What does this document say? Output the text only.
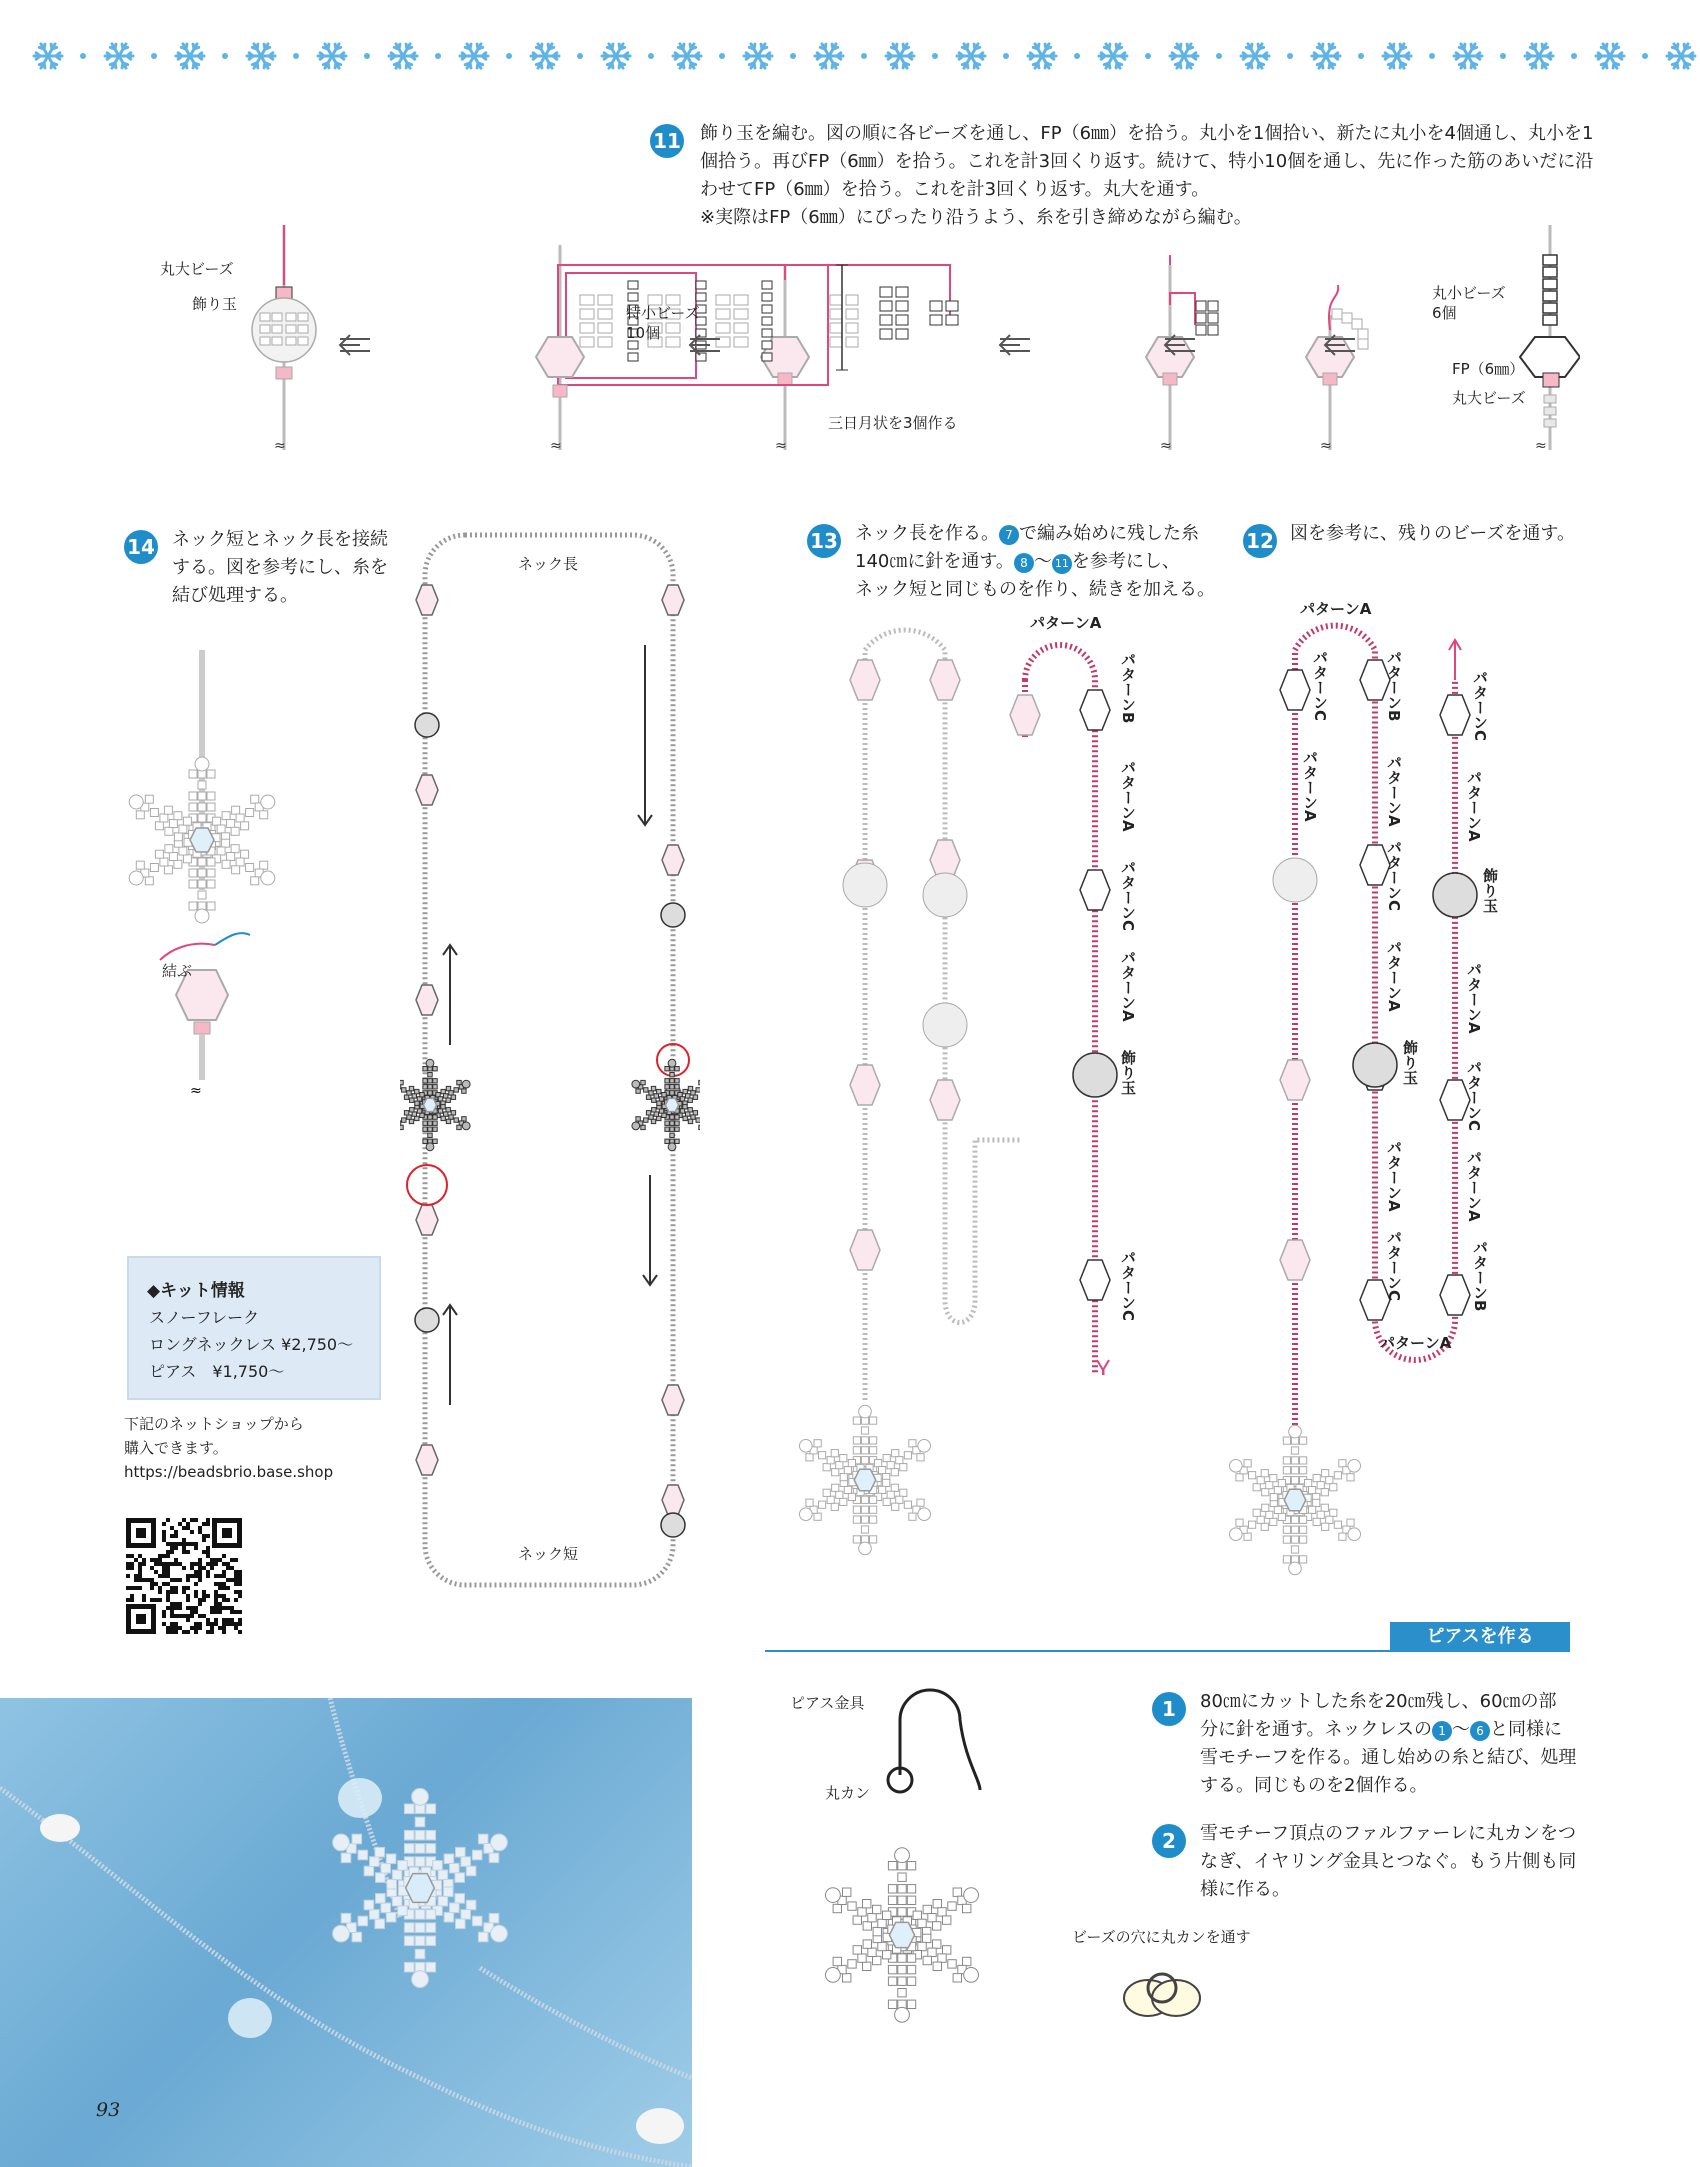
11 飾り玉を編む。図の順に各ビーズを通し、FP（6㎜）を拾う。丸小を1個拾い、新たに丸小を4個通し、丸小を1
個拾う。再びFP（6㎜）を拾う。これを計3回くり返す。続けて、特小10個を通し、先に作った筋のあいだに沿
わせてFP（6㎜）を拾う。これを計3回くり返す。丸大を通す。
※実際はFP（6㎜）にぴったり沿うよう、糸を引き締めながら編む。
≈
≈
≈
≈
≈
≈
丸大ビーズ
飾り玉	特小ビーズ
10個
三日月状を3個作る
丸小ビーズ
6個
FP（6㎜）
丸大ビーズ
14 ネック短とネック長を接続
する。図を参考にし、糸を
結び処理する。
≈
結ぶ
ネック長
ネック短
◆キット情報
スノーフレーク
ロングネックレス ¥2,750～
ピアス　¥1,750～
下記のネットショップから
購入できます。
https://beadsbrio.base.shop
13 ネック長を作る。 7 で編み始めに残した糸
140㎝に針を通す。 8 ～ 11 を参考にし、
ネック短と同じものを作り、続きを加える。
パターンA
パターンB
パターンA
パターンC
パターンA
飾り玉
パターンC
12 図を参考に、残りのビーズを通す。
パターンA
パターンC
パターンA
パターンB
パターンA
パターンC
パターンA
飾り玉
パターンA
パターンC
パターンC
パターンA
飾り玉
パターンA
パターンC
パターンA
パターンB
パターンA
ピアスを作る
ピアス金具
丸カン
1	80㎝にカットした糸を20㎝残し、60㎝の部
分に針を通す。ネックレスの 1 ～ 6 と同様に
雪モチーフを作る。通し始めの糸と結び、処理
する。同じものを2個作る。
2	雪モチーフ頂点のファルファーレに丸カンをつ
なぎ、イヤリング金具とつなぐ。もう片側も同
様に作る。
ビーズの穴に丸カンを通す
93
